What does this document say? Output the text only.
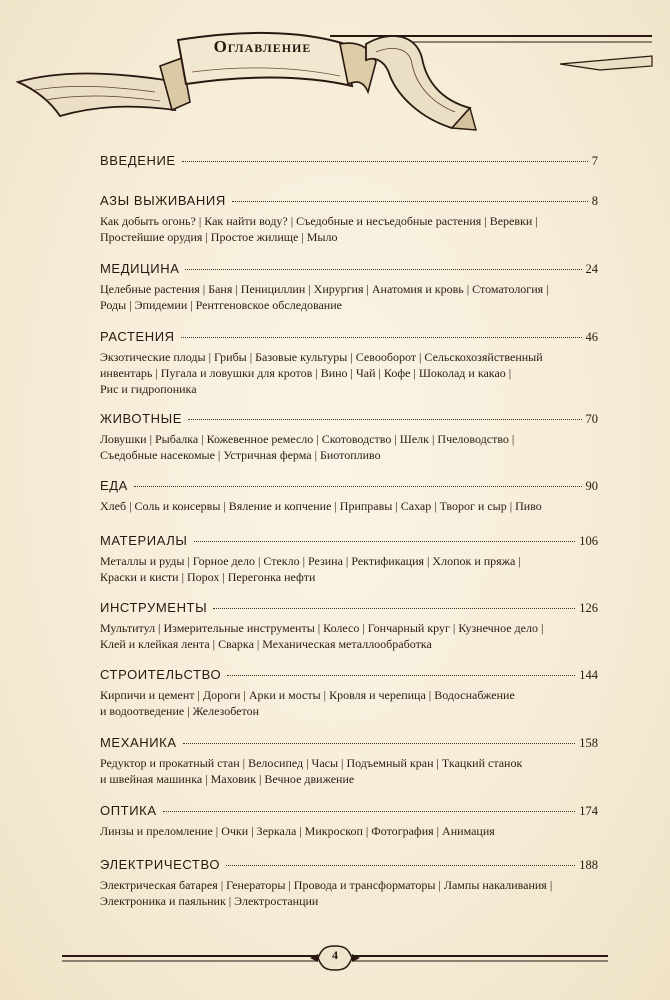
Оглавление
ВВЕДЕНИЕ	7
АЗЫ ВЫЖИВАНИЯ	8

Как добыть огонь? | Как найти воду? | Съедобные и несъедобные растения | Веревки |
Простейшие орудия | Простое жилище | Мыло

МЕДИЦИНА	24

Целебные растения | Баня | Пенициллин | Хирургия | Анатомия и кровь | Стоматология |
Роды | Эпидемии | Рентгеновское обследование

РАСТЕНИЯ	46

Экзотические плоды | Грибы | Базовые культуры | Севооборот | Сельскохозяйственный
инвентарь | Пугала и ловушки для кротов | Вино | Чай | Кофе | Шоколад и какао |
Рис и гидропоника

ЖИВОТНЫЕ	70

Ловушки | Рыбалка | Кожевенное ремесло | Скотоводство | Шелк | Пчеловодство |
Съедобные насекомые | Устричная ферма | Биотопливо

ЕДА	90

Хлеб | Соль и консервы | Вяление и копчение | Приправы | Сахар | Творог и сыр | Пиво

МАТЕРИАЛЫ	106

Металлы и руды | Горное дело | Стекло | Резина | Ректификация | Хлопок и пряжа |
Краски и кисти | Порох | Перегонка нефти

ИНСТРУМЕНТЫ	126

Мультитул | Измерительные инструменты | Колесо | Гончарный круг | Кузнечное дело |
Клей и клейкая лента | Сварка | Механическая металлообработка

СТРОИТЕЛЬСТВО	144

Кирпичи и цемент | Дороги | Арки и мосты | Кровля и черепица | Водоснабжение
и водоотведение | Железобетон

МЕХАНИКА	158

Редуктор и прокатный стан | Велосипед | Часы | Подъемный кран | Ткацкий станок
и швейная машинка | Маховик | Вечное движение

ОПТИКА	174

Линзы и преломление | Очки | Зеркала | Микроскоп | Фотография | Анимация

ЭЛЕКТРИЧЕСТВО	188

Электрическая батарея | Генераторы | Провода и трансформаторы | Лампы накаливания |
Электроника и паяльник | Электростанции

4
